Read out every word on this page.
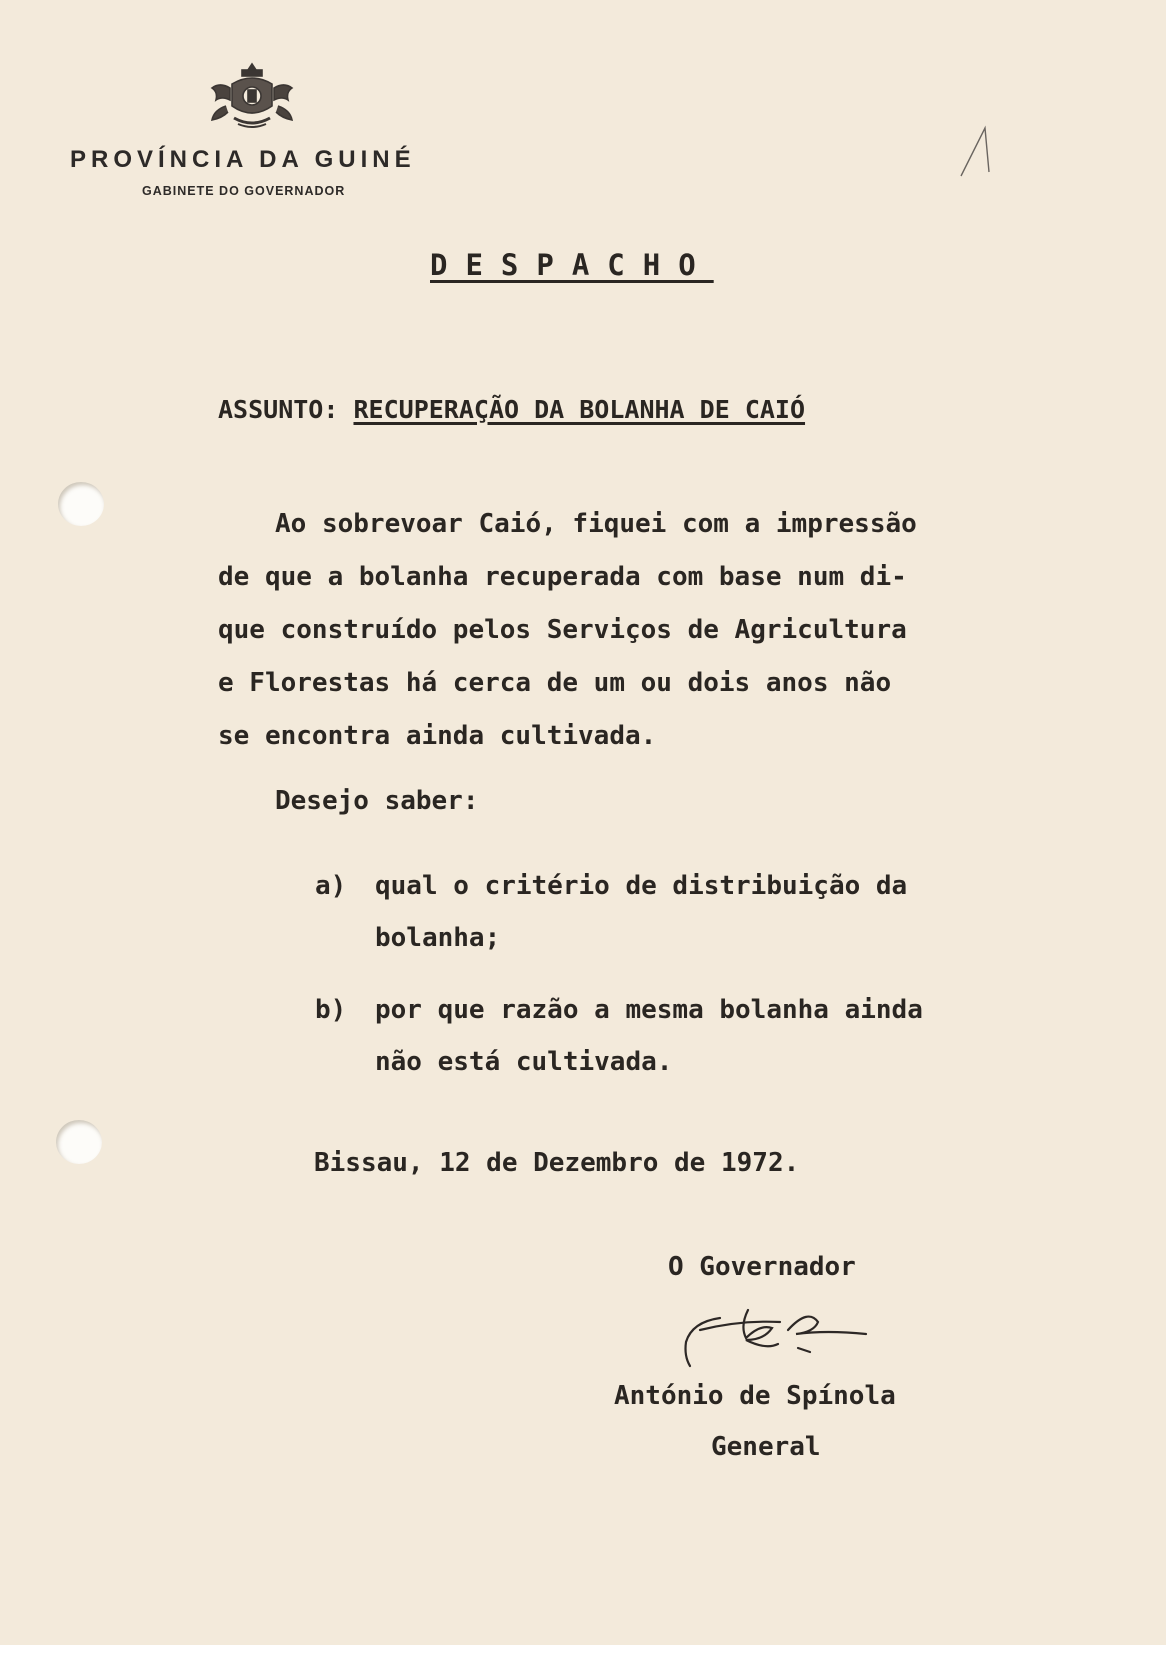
PROVÍNCIA DA GUINÉ
GABINETE DO GOVERNADOR
DESPACHO
ASSUNTO: RECUPERAÇÃO DA BOLANHA DE CAIÓ
Ao sobrevoar Caió, fiquei com a impressão
de que a bolanha recuperada com base num di-
que construído pelos Serviços de Agricultura
e Florestas há cerca de um ou dois anos não
se encontra ainda cultivada.
Desejo saber:
a) qual o critério de distribuição da
bolanha;
b) por que razão a mesma bolanha ainda
não está cultivada.
Bissau, 12 de Dezembro de 1972.
O Governador
António de Spínola
General
